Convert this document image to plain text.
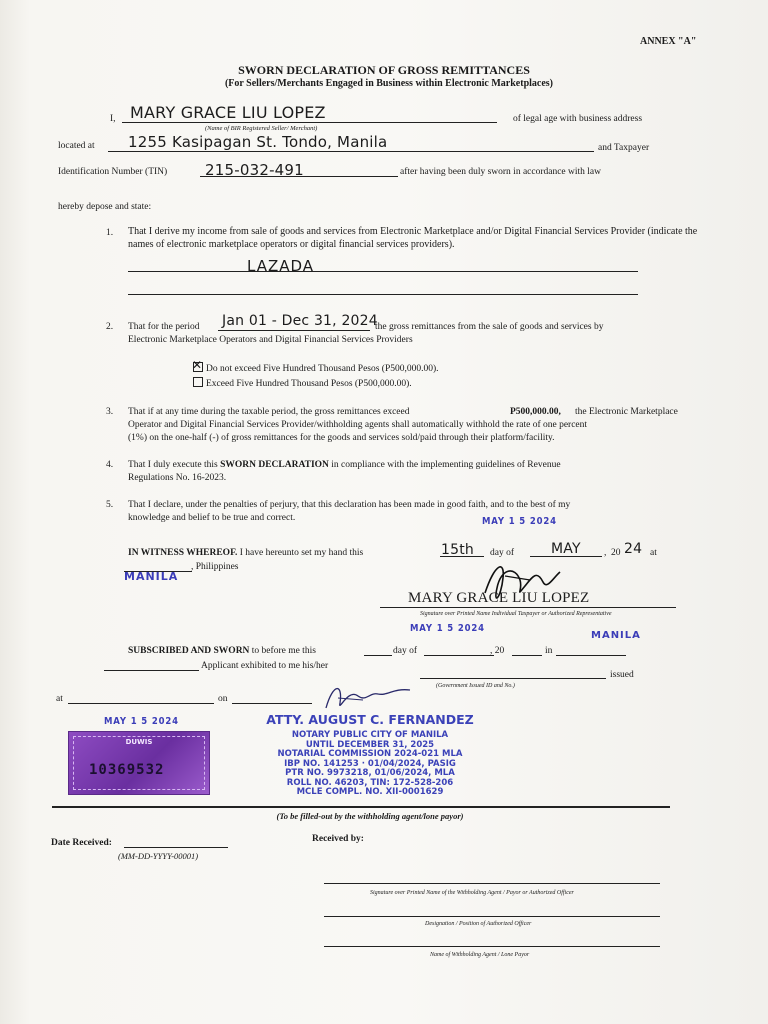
ANNEX "A"
SWORN DECLARATION OF GROSS REMITTANCES
(For Sellers/Merchants Engaged in Business within Electronic Marketplaces)
I, MARY GRACE LIU LOPEZ
(Name of BIR Registered Seller/ Merchant)
of legal age with business address
located at 1255 Kasipagan St. Tondo, Manila	and Taxpayer
Identification Number (TIN)	215-032-491	after having been duly sworn in accordance with law
hereby depose and state:
1. That I derive my income from sale of goods and services from Electronic Marketplace and/or Digital Financial Services Provider (indicate the names of electronic marketplace operators or digital financial services providers).
LAZADA
2. That for the period Jan 01 - Dec 31, 2024
the gross remittances from the sale of goods and services by
Electronic Marketplace Operators and Digital Financial Services Providers
✕Do not exceed Five Hundred Thousand Pesos (P500,000.00).
Exceed Five Hundred Thousand Pesos (P500,000.00).
3. That if at any time during the taxable period, the gross remittances exceed	P500,000.00, the Electronic Marketplace
Operator and Digital Financial Services Provider/withholding agents shall automatically withhold the rate of one percent
(1%) on the one-half (-) of gross remittances for the goods and services sold/paid through their platform/facility.
4. That I duly execute this SWORN DECLARATION in compliance with the implementing guidelines of Revenue
Regulations No. 16-2023.
5. That I declare, under the penalties of perjury, that this declaration has been made in good faith, and to the best of my
knowledge and belief to be true and correct.	MAY 1 5 2024
IN WITNESS WHEREOF. I have hereunto set my hand this	15th day of	MAY , 20 24 at
, Philippines
MANILA
MARY GRACE LIU LOPEZ
Signature over Printed Name Individual Taxpayer or Authorized Representative
MAY 1 5 2024
MANILA
SUBSCRIBED AND SWORN to before me this	day of	, 20	in
Applicant exhibited to me his/her
issued
(Government Issued ID and No.)
at	on
ATTY. AUGUST C. FERNANDEZ
NOTARY PUBLIC CITY OF MANILA
UNTIL DECEMBER 31, 2025
NOTARIAL COMMISSION 2024-021 MLA
IBP NO. 141253 · 01/04/2024, PASIG
PTR NO. 9973218, 01/06/2024, MLA
ROLL NO. 46203, TIN: 172-528-206
MCLE COMPL. NO. XII-0001629
MAY 1 5 2024
DUWIS
10369532
(To be filled-out by the withholding agent/lone payor)
Date Received:
(MM-DD-YYYY-00001)
Received by:
Signature over Printed Name of the Withholding Agent / Payor or Authorized Officer
Designation / Position of Authorized Officer
Name of Withholding Agent / Lone Payor
